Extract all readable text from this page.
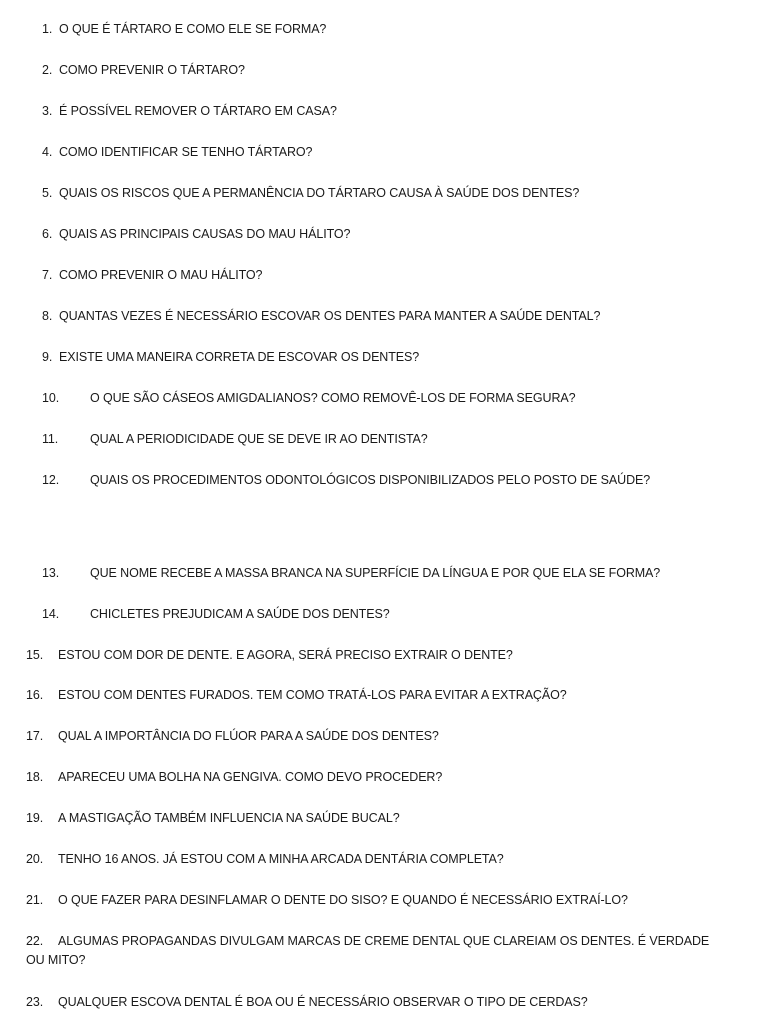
1. O QUE É TÁRTARO E COMO ELE SE FORMA?
2. COMO PREVENIR O TÁRTARO?
3. É POSSÍVEL REMOVER O TÁRTARO EM CASA?
4. COMO IDENTIFICAR SE TENHO TÁRTARO?
5. QUAIS OS RISCOS QUE A PERMANÊNCIA DO TÁRTARO CAUSA À SAÚDE DOS DENTES?
6. QUAIS AS PRINCIPAIS CAUSAS DO MAU HÁLITO?
7. COMO PREVENIR O MAU HÁLITO?
8. QUANTAS VEZES É NECESSÁRIO ESCOVAR OS DENTES PARA MANTER A SAÚDE DENTAL?
9. EXISTE UMA MANEIRA CORRETA DE ESCOVAR OS DENTES?
10.O QUE SÃO CÁSEOS AMIGDALIANOS? COMO REMOVÊ-LOS DE FORMA SEGURA?
11.	QUAL A PERIODICIDADE QUE SE DEVE IR AO DENTISTA?
12.QUAIS OS PROCEDIMENTOS ODONTOLÓGICOS DISPONIBILIZADOS PELO POSTO DE SAÚDE?
13. QUE NOME RECEBE A MASSA BRANCA NA SUPERFÍCIE DA LÍNGUA E POR QUE ELA SE FORMA?
14. CHICLETES PREJUDICAM A SAÚDE DOS DENTES?
15. ESTOU COM DOR DE DENTE. E AGORA, SERÁ PRECISO EXTRAIR O DENTE?
16. ESTOU COM DENTES FURADOS. TEM COMO TRATÁ-LOS PARA EVITAR A EXTRAÇÃO?
17. QUAL A IMPORTÂNCIA DO FLÚOR PARA A SAÚDE DOS DENTES?
18. APARECEU UMA BOLHA NA GENGIVA. COMO DEVO PROCEDER?
19. A MASTIGAÇÃO TAMBÉM INFLUENCIA NA SAÚDE BUCAL?
20. TENHO 16 ANOS. JÁ ESTOU COM A MINHA ARCADA DENTÁRIA COMPLETA?
21. O QUE FAZER PARA DESINFLAMAR O DENTE DO SISO? E QUANDO É NECESSÁRIO EXTRAÍ-LO?
22. ALGUMAS PROPAGANDAS DIVULGAM MARCAS DE CREME DENTAL QUE CLAREIAM OS DENTES. É VERDADE OU MITO?
23. QUALQUER ESCOVA DENTAL É BOA OU É NECESSÁRIO OBSERVAR O TIPO DE CERDAS?
